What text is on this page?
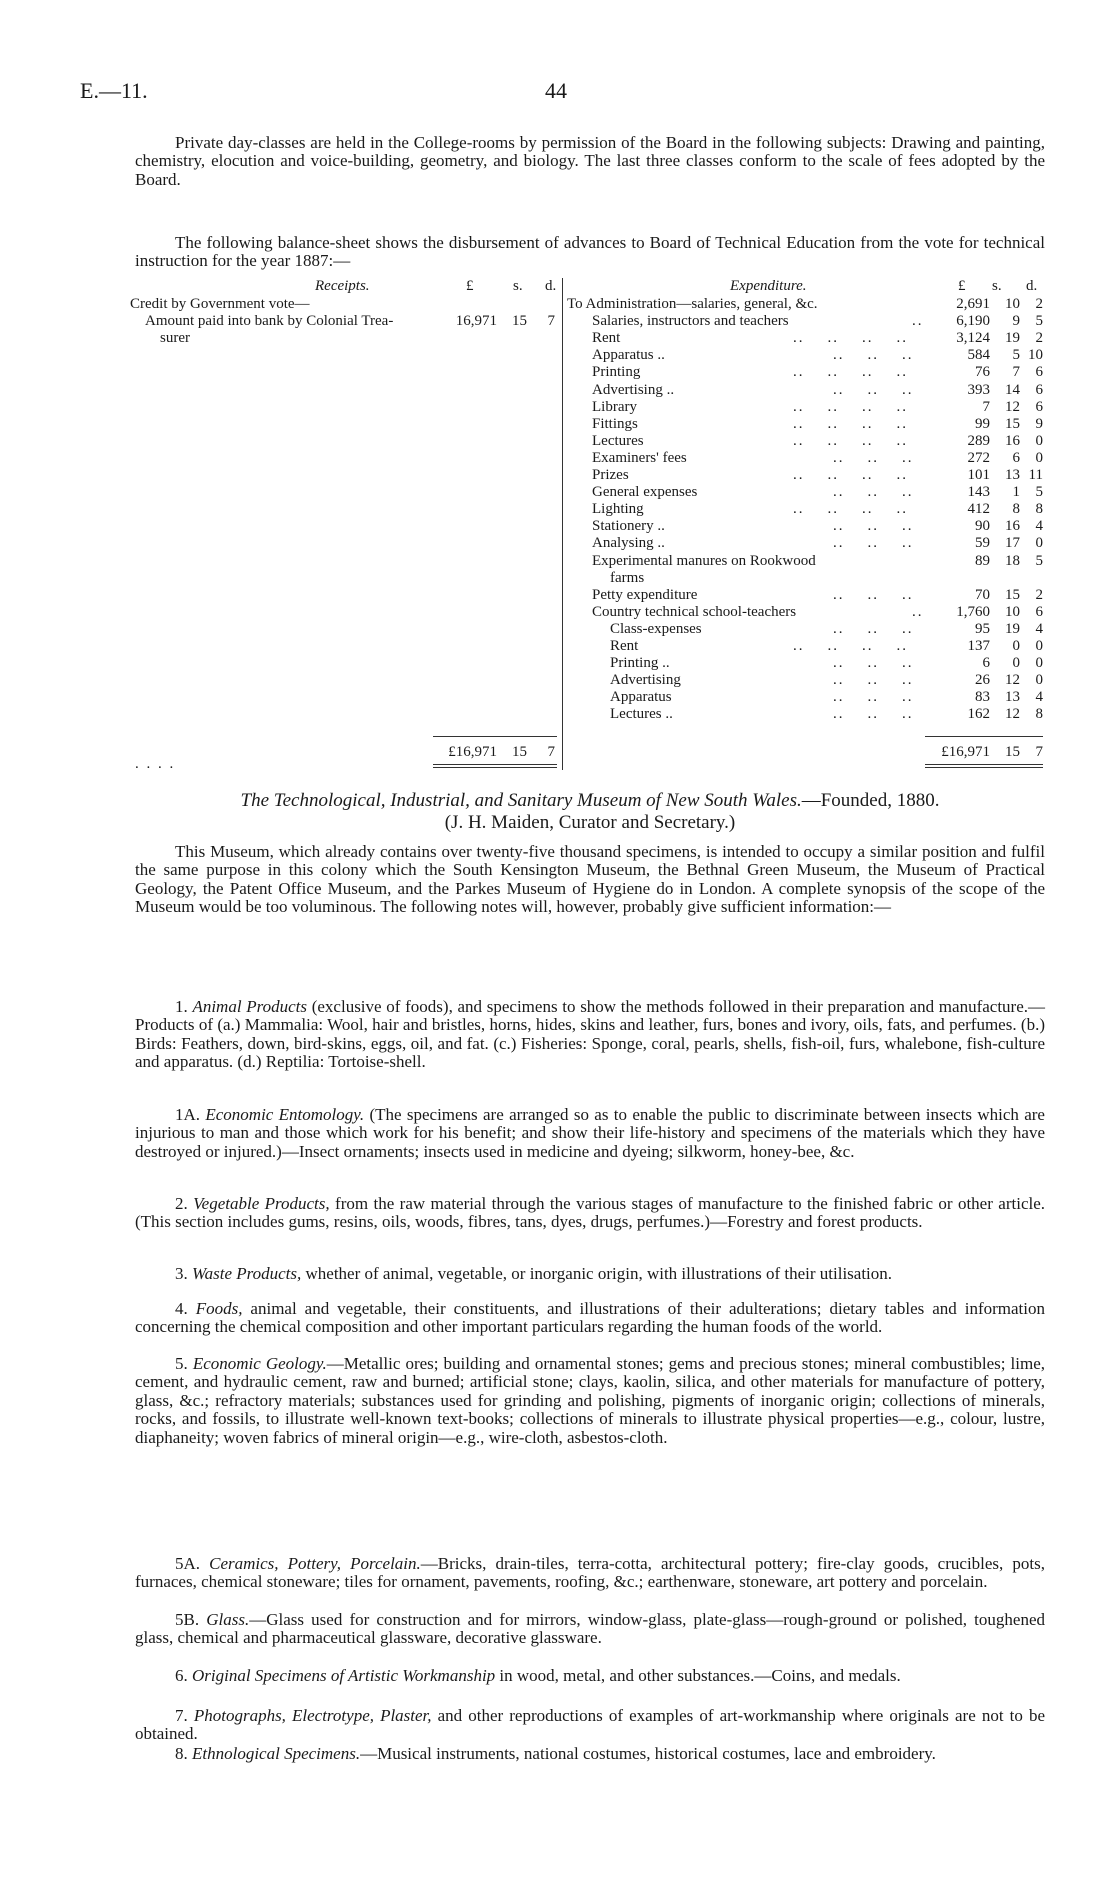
E.—11.	44

Private day-classes are held in the College-rooms by permission of the Board in the following subjects: Drawing and painting, chemistry, elocution and voice-building, geometry, and biology. The last three classes conform to the scale of fees adopted by the Board.

The following balance-sheet shows the disbursement of advances to Board of Technical Education from the vote for technical instruction for the year 1887:—

Receipts.	£	s. d.	Expenditure.	£ s. d.
Credit by Government vote—
Amount paid into bank by Colonial Trea-	16,971	15	7
surer
To Administration—salaries, general, &c.	2,691	10	2
Salaries, instructors and teachers	..	6,190	9	5
Rent	..    ..    ..    ..	3,124	19	2
Apparatus ..	..    ..    ..	584	5 10
Printing	..    ..    ..    ..	76	7	6
Advertising ..	..    ..    ..	393	14	6
Library	..    ..    ..    ..	7	12	6
Fittings	..    ..    ..    ..	99	15	9
Lectures	..    ..    ..    ..	289	16	0
Examiners' fees	..    ..    ..	272	6	0
Prizes	..    ..    ..    ..	101	13 11
General expenses	..    ..    ..	143	1	5
Lighting	..    ..    ..    ..	412	8	8
Stationery ..	..    ..    ..	90	16	4
Analysing ..	..    ..    ..	59	17	0
Experimental manures on Rookwood	89	18	5
farms
Petty expenditure	..    ..    ..	70	15	2
Country technical school-teachers	..	1,760	10	6
Class-expenses	..    ..    ..	95	19	4
Rent	..    ..    ..    ..	137	0	0
Printing ..	..    ..    ..	6	0	0
Advertising	..    ..    ..	26	12	0
Apparatus	..    ..    ..	83	13	4
Lectures ..	..    ..    ..	162	12	8
. . . .
£16,971	15	7	£16,971	15	7
The Technological, Industrial, and Sanitary Museum of New South Wales.—Founded, 1880.
(J. H. Maiden, Curator and Secretary.)

This Museum, which already contains over twenty-five thousand specimens, is intended to occupy a similar position and fulfil the same purpose in this colony which the South Kensington Museum, the Bethnal Green Museum, the Museum of Practical Geology, the Patent Office Museum, and the Parkes Museum of Hygiene do in London. A complete synopsis of the scope of the Museum would be too voluminous. The following notes will, however, probably give sufficient information:—

1. Animal Products (exclusive of foods), and specimens to show the methods followed in their preparation and manufacture.—Products of (a.) Mammalia: Wool, hair and bristles, horns, hides, skins and leather, furs, bones and ivory, oils, fats, and perfumes. (b.) Birds: Feathers, down, bird-skins, eggs, oil, and fat. (c.) Fisheries: Sponge, coral, pearls, shells, fish-oil, furs, whalebone, fish-culture and apparatus. (d.) Reptilia: Tortoise-shell.

1A. Economic Entomology. (The specimens are arranged so as to enable the public to discriminate between insects which are injurious to man and those which work for his benefit; and show their life-history and specimens of the materials which they have destroyed or injured.)—Insect ornaments; insects used in medicine and dyeing; silkworm, honey-bee, &c.

2. Vegetable Products, from the raw material through the various stages of manufacture to the finished fabric or other article. (This section includes gums, resins, oils, woods, fibres, tans, dyes, drugs, perfumes.)—Forestry and forest products.

3. Waste Products, whether of animal, vegetable, or inorganic origin, with illustrations of their utilisation.

4. Foods, animal and vegetable, their constituents, and illustrations of their adulterations; dietary tables and information concerning the chemical composition and other important particulars regarding the human foods of the world.

5. Economic Geology.—Metallic ores; building and ornamental stones; gems and precious stones; mineral combustibles; lime, cement, and hydraulic cement, raw and burned; artificial stone; clays, kaolin, silica, and other materials for manufacture of pottery, glass, &c.; refractory materials; substances used for grinding and polishing, pigments of inorganic origin; collections of minerals, rocks, and fossils, to illustrate well-known text-books; collections of minerals to illustrate physical properties—e.g., colour, lustre, diaphaneity; woven fabrics of mineral origin—e.g., wire-cloth, asbestos-cloth.

5A. Ceramics, Pottery, Porcelain.—Bricks, drain-tiles, terra-cotta, architectural pottery; fire-clay goods, crucibles, pots, furnaces, chemical stoneware; tiles for ornament, pavements, roofing, &c.; earthenware, stoneware, art pottery and porcelain.

5B. Glass.—Glass used for construction and for mirrors, window-glass, plate-glass—rough-ground or polished, toughened glass, chemical and pharmaceutical glassware, decorative glassware.

6. Original Specimens of Artistic Workmanship in wood, metal, and other substances.—Coins, and medals.

7. Photographs, Electrotype, Plaster, and other reproductions of examples of art-workmanship where originals are not to be obtained.

8. Ethnological Specimens.—Musical instruments, national costumes, historical costumes, lace and embroidery.
